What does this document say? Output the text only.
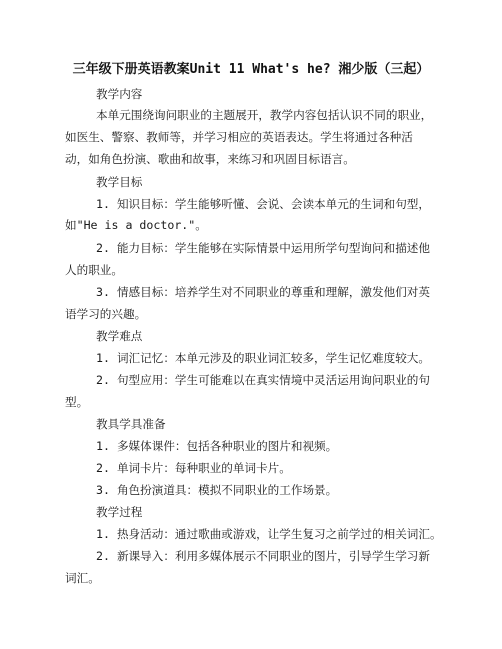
三年级下册英语教案Unit 11 What's he? 湘少版（三起）
教学内容
本单元围绕询问职业的主题展开，教学内容包括认识不同的职业，
如医生、警察、教师等，并学习相应的英语表达。学生将通过各种活
动，如角色扮演、歌曲和故事，来练习和巩固目标语言。
教学目标
1. 知识目标：学生能够听懂、会说、会读本单元的生词和句型，
如"He is a doctor."。
2. 能力目标：学生能够在实际情景中运用所学句型询问和描述他
人的职业。
3. 情感目标：培养学生对不同职业的尊重和理解，激发他们对英
语学习的兴趣。
教学难点
1. 词汇记忆：本单元涉及的职业词汇较多，学生记忆难度较大。
2. 句型应用：学生可能难以在真实情境中灵活运用询问职业的句
型。
教具学具准备
1. 多媒体课件：包括各种职业的图片和视频。
2. 单词卡片：每种职业的单词卡片。
3. 角色扮演道具：模拟不同职业的工作场景。
教学过程
1. 热身活动：通过歌曲或游戏，让学生复习之前学过的相关词汇。
2. 新课导入：利用多媒体展示不同职业的图片，引导学生学习新
词汇。
